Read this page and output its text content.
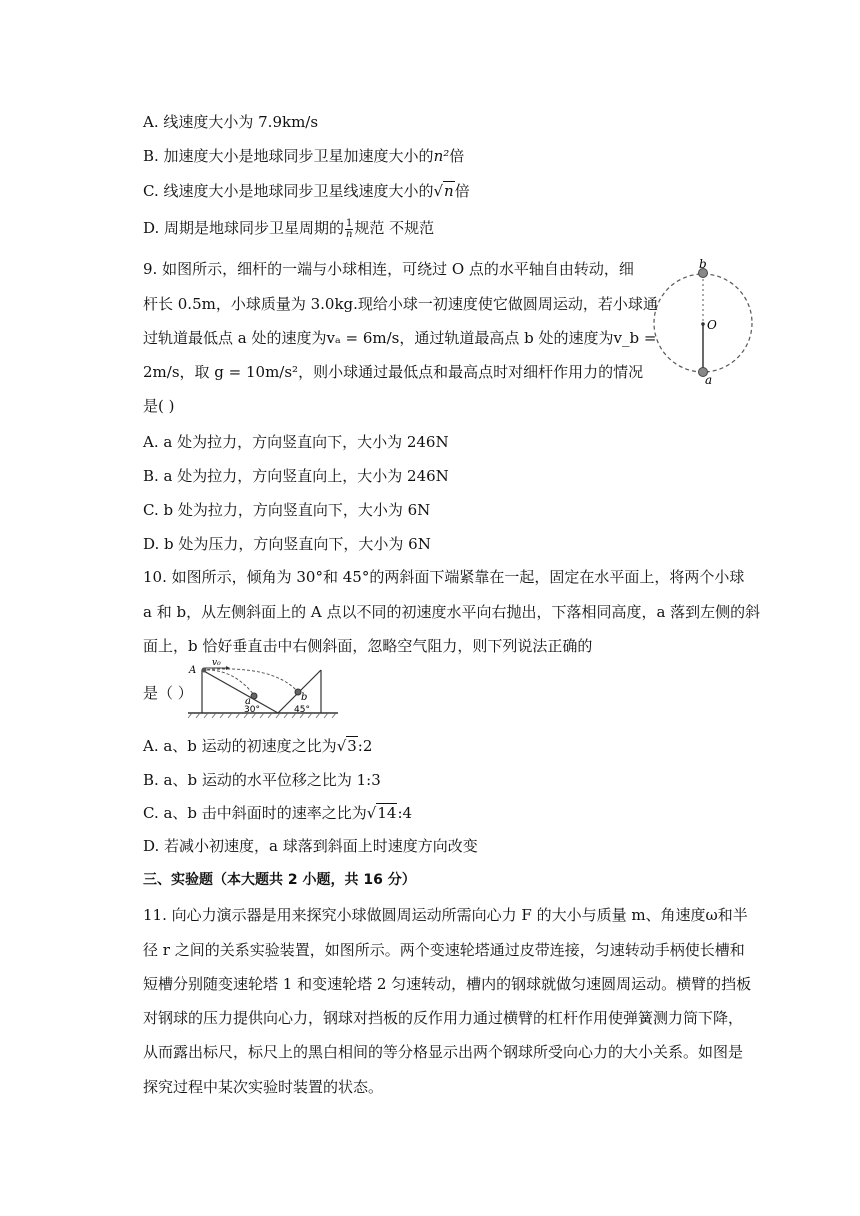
A. 线速度大小为 7.9km/s
B. 加速度大小是地球同步卫星加速度大小的n²倍
C. 线速度大小是地球同步卫星线速度大小的√n倍
D. 周期是地球同步卫星周期的 $\frac{1}{n}$ 规范 不规范
9. 如图所示，细杆的一端与小球相连，可绕过 O 点的水平轴自由转动，细
杆长 0.5m，小球质量为 3.0kg.现给小球一初速度使它做圆周运动，若小球通
过轨道最低点 a 处的速度为vₐ = 6m/s，通过轨道最高点 b 处的速度为v_b =
2m/s，取 g = 10m/s²，则小球通过最低点和最高点时对细杆作用力的情况
是( )
A. a 处为拉力，方向竖直向下，大小为 246N
B. a 处为拉力，方向竖直向上，大小为 246N
C. b 处为拉力，方向竖直向下，大小为 6N
D. b 处为压力，方向竖直向下，大小为 6N
b
O
a
10. 如图所示，倾角为 30°和 45°的两斜面下端紧靠在一起，固定在水平面上，将两个小球
a 和 b，从左侧斜面上的 A 点以不同的初速度水平向右抛出，下落相同高度，a 落到左侧的斜
面上，b 恰好垂直击中右侧斜面，忽略空气阻力，则下列说法正确的
是（ ）
A
v₀
a	b
30°	45°
A. a、b 运动的初速度之比为√3:2
B. a、b 运动的水平位移之比为 1:3
C. a、b 击中斜面时的速率之比为√14:4
D. 若减小初速度，a 球落到斜面上时速度方向改变
三、实验题（本大题共 2 小题，共 16 分）
11. 向心力演示器是用来探究小球做圆周运动所需向心力 F 的大小与质量 m、角速度ω和半
径 r 之间的关系实验装置，如图所示。两个变速轮塔通过皮带连接，匀速转动手柄使长槽和
短槽分别随变速轮塔 1 和变速轮塔 2 匀速转动，槽内的钢球就做匀速圆周运动。横臂的挡板
对钢球的压力提供向心力，钢球对挡板的反作用力通过横臂的杠杆作用使弹簧测力筒下降，
从而露出标尺，标尺上的黑白相间的等分格显示出两个钢球所受向心力的大小关系。如图是
探究过程中某次实验时装置的状态。
